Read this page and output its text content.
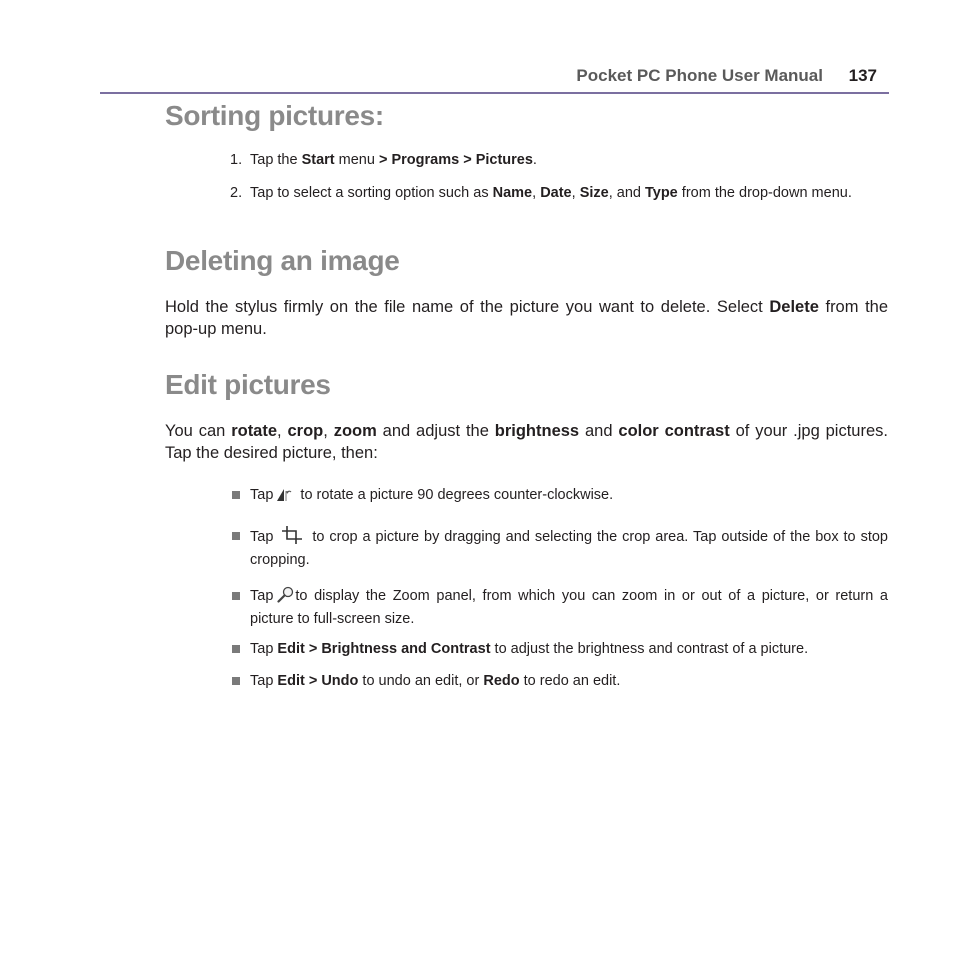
Pocket PC Phone User Manual 137
Sorting pictures:
1. Tap the Start menu > Programs > Pictures.
2. Tap to select a sorting option such as Name, Date, Size, and Type from the drop-down menu.
Deleting an image
Hold the stylus firmly on the file name of the picture you want to delete. Select Delete from the pop-up menu.
Edit pictures
You can rotate, crop, zoom and adjust the brightness and color contrast of your .jpg pictures. Tap the desired picture, then:
Tap to rotate a picture 90 degrees counter-clockwise.
Tap to crop a picture by dragging and selecting the crop area. Tap outside of the box to stop cropping.
Tap to display the Zoom panel, from which you can zoom in or out of a picture, or return a picture to full-screen size.
Tap Edit > Brightness and Contrast to adjust the brightness and contrast of a picture.
Tap Edit > Undo to undo an edit, or Redo to redo an edit.
